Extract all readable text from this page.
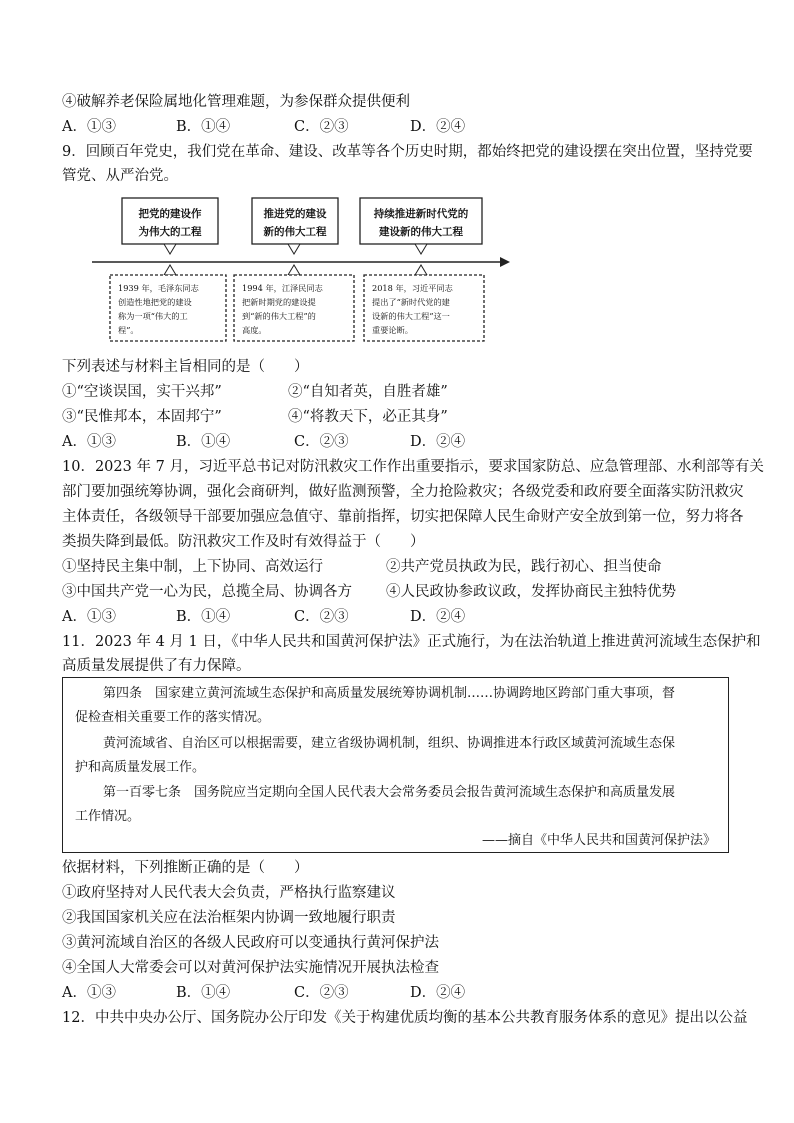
④破解养老保险属地化管理难题，为参保群众提供便利
A．①③	B．①④	C．②③	D．②④
9．回顾百年党史，我们党在革命、建设、改革等各个历史时期，都始终把党的建设摆在突出位置，坚持党要
管党、从严治党。
把党的建设作
为伟大的工程
推进党的建设
新的伟大工程
持续推进新时代党的
建设新的伟大工程
1939 年，毛泽东同志
创造性地把党的建设
称为一项“伟大的工
程”。
1994 年，江泽民同志
把新时期党的建设提
到“新的伟大工程”的
高度。
2018 年，习近平同志
提出了“新时代党的建
设新的伟大工程”这一
重要论断。
下列表述与材料主旨相同的是（　　）
①“空谈误国，实干兴邦”	②“自知者英，自胜者雄”
③“民惟邦本，本固邦宁”	④“将教天下，必正其身”
A．①③	B．①④	C．②③	D．②④
10．2023 年 7 月，习近平总书记对防汛救灾工作作出重要指示，要求国家防总、应急管理部、水利部等有关
部门要加强统筹协调，强化会商研判，做好监测预警，全力抢险救灾；各级党委和政府要全面落实防汛救灾
主体责任，各级领导干部要加强应急值守、靠前指挥，切实把保障人民生命财产安全放到第一位，努力将各
类损失降到最低。防汛救灾工作及时有效得益于（　　）
①坚持民主集中制，上下协同、高效运行	②共产党员执政为民，践行初心、担当使命
③中国共产党一心为民，总揽全局、协调各方 ④人民政协参政议政，发挥协商民主独特优势
A．①③	B．①④	C．②③	D．②④
11．2023 年 4 月 1 日，《中华人民共和国黄河保护法》正式施行，为在法治轨道上推进黄河流域生态保护和
高质量发展提供了有力保障。
第四条　国家建立黄河流域生态保护和高质量发展统筹协调机制……协调跨地区跨部门重大事项，督
促检查相关重要工作的落实情况。
黄河流域省、自治区可以根据需要，建立省级协调机制，组织、协调推进本行政区域黄河流域生态保
护和高质量发展工作。
第一百零七条　国务院应当定期向全国人民代表大会常务委员会报告黄河流域生态保护和高质量发展
工作情况。
——摘自《中华人民共和国黄河保护法》
依据材料，下列推断正确的是（　　）
①政府坚持对人民代表大会负责，严格执行监察建议
②我国国家机关应在法治框架内协调一致地履行职责
③黄河流域自治区的各级人民政府可以变通执行黄河保护法
④全国人大常委会可以对黄河保护法实施情况开展执法检查
A．①③	B．①④	C．②③	D．②④
12．中共中央办公厅、国务院办公厅印发《关于构建优质均衡的基本公共教育服务体系的意见》提出以公益
